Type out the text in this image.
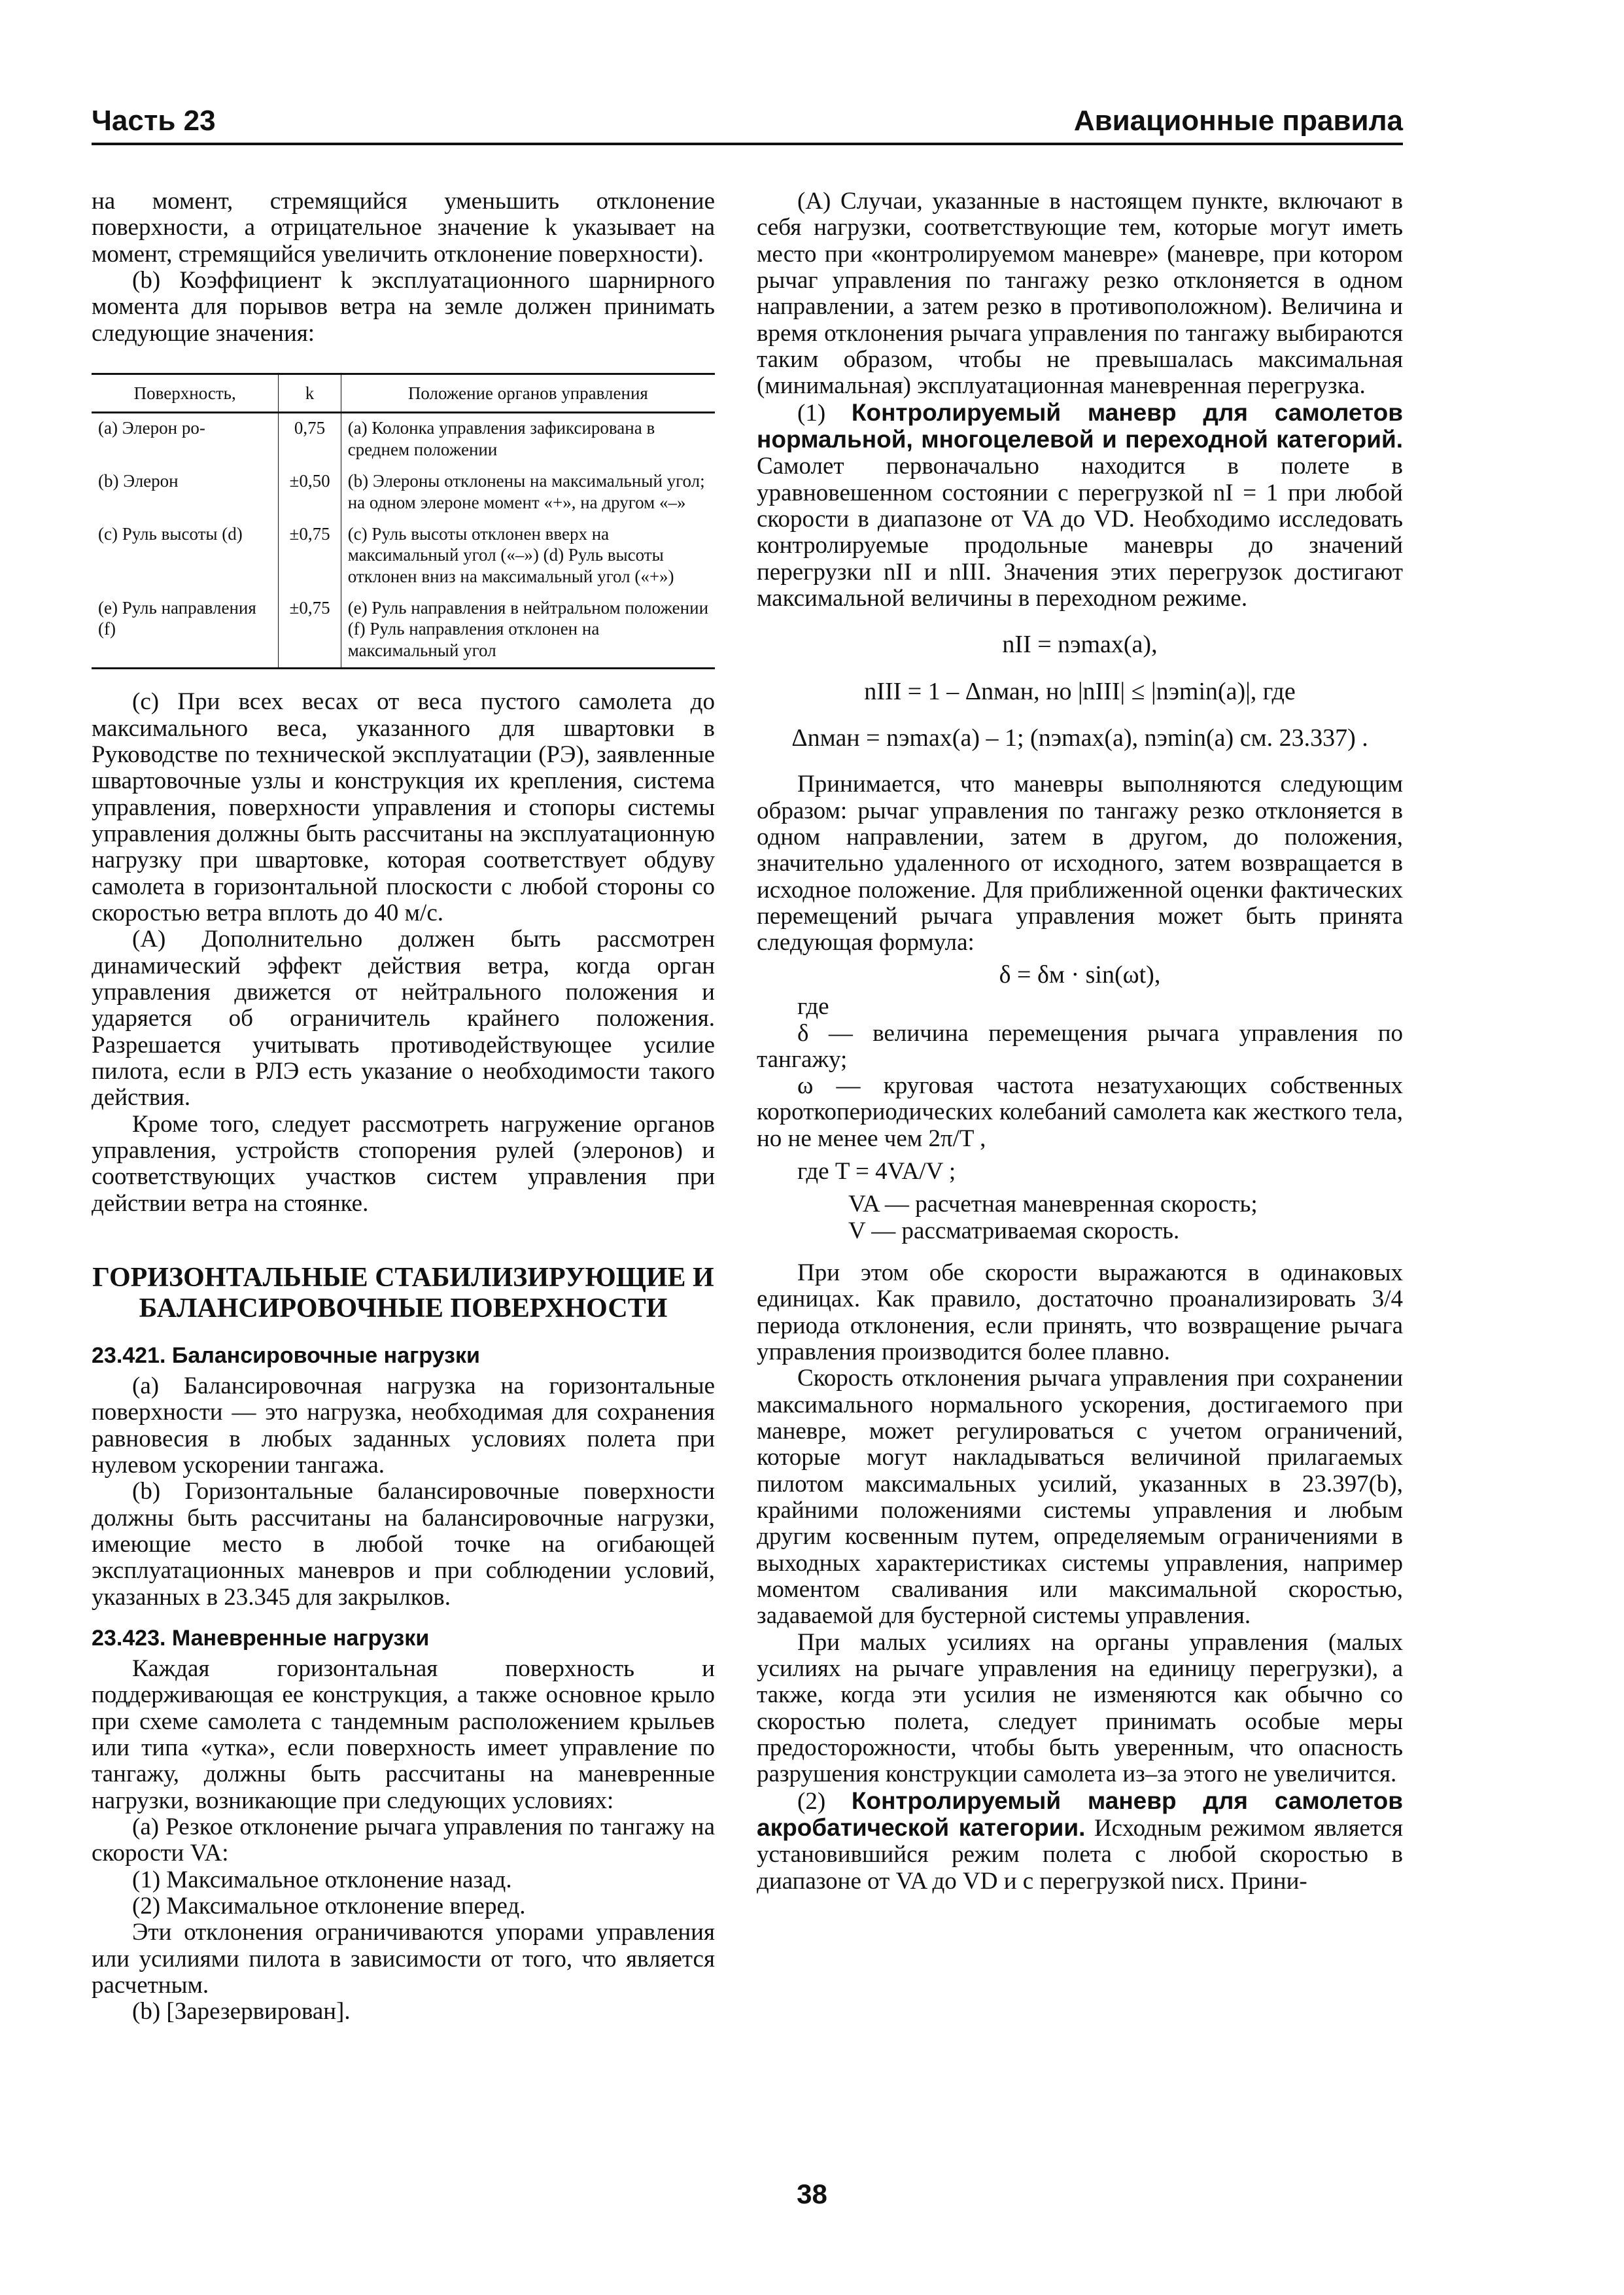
Часть 23	Авиационные правила

на момент, стремящийся уменьшить отклонение поверхности, а отрицательное значение k указывает на момент, стремящийся увеличить отклонение поверхности).

(b) Коэффициент k эксплуатационного шарнирного момента для порывов ветра на земле должен принимать следующие значения:

Поверхность,	k	Положение органов управления
(a) Элерон ро-	0,75	(a) Колонка управления зафиксирована в среднем положении
(b) Элерон	±0,50	(b) Элероны отклонены на максимальный угол; на одном элероне момент «+», на другом «–»
(c) Руль высоты (d)	±0,75	(c) Руль высоты отклонен вверх на максимальный угол («–») (d) Руль высоты отклонен вниз на максимальный угол («+»)
(e) Руль направления (f)	±0,75	(e) Руль направления в нейтральном положении (f) Руль направления отклонен на максимальный угол

(c) При всех весах от веса пустого самолета до максимального веса, указанного для швартовки в Руководстве по технической эксплуатации (РЭ), заявленные швартовочные узлы и конструкция их крепления, система управления, поверхности управления и стопоры системы управления должны быть рассчитаны на эксплуатационную нагрузку при швартовке, которая соответствует обдуву самолета в горизонтальной плоскости с любой стороны со скоростью ветра вплоть до 40 м/с.

(A) Дополнительно должен быть рассмотрен динамический эффект действия ветра, когда орган управления движется от нейтрального положения и ударяется об ограничитель крайнего положения. Разрешается учитывать противодействующее усилие пилота, если в РЛЭ есть указание о необходимости такого действия.

Кроме того, следует рассмотреть нагружение органов управления, устройств стопорения рулей (элеронов) и соответствующих участков систем управления при действии ветра на стоянке.

ГОРИЗОНТАЛЬНЫЕ СТАБИЛИЗИРУЮЩИЕ И БАЛАНСИРОВОЧНЫЕ ПОВЕРХНОСТИ
23.421. Балансировочные нагрузки

(a) Балансировочная нагрузка на горизонтальные поверхности — это нагрузка, необходимая для сохранения равновесия в любых заданных условиях полета при нулевом ускорении тангажа.

(b) Горизонтальные балансировочные поверхности должны быть рассчитаны на балансировочные нагрузки, имеющие место в любой точке на огибающей эксплуатационных маневров и при соблюдении условий, указанных в 23.345 для закрылков.

23.423. Маневренные нагрузки

Каждая горизонтальная поверхность и поддерживающая ее конструкция, а также основное крыло при схеме самолета с тандемным расположением крыльев или типа «утка», если поверхность имеет управление по тангажу, должны быть рассчитаны на маневренные нагрузки, возникающие при следующих условиях:

(a) Резкое отклонение рычага управления по тангажу на скорости VA:

(1) Максимальное отклонение назад.

(2) Максимальное отклонение вперед.

Эти отклонения ограничиваются упорами управления или усилиями пилота в зависимости от того, что является расчетным.

(b) [Зарезервирован].

(A) Случаи, указанные в настоящем пункте, включают в себя нагрузки, соответствующие тем, которые могут иметь место при «контролируемом маневре» (маневре, при котором рычаг управления по тангажу резко отклоняется в одном направлении, а затем резко в противоположном). Величина и время отклонения рычага управления по тангажу выбираются таким образом, чтобы не превышалась максимальная (минимальная) эксплуатационная маневренная перегрузка.

(1) Контролируемый маневр для самолетов нормальной, многоцелевой и переходной категорий. Самолет первоначально находится в полете в уравновешенном состоянии с перегрузкой nI = 1 при любой скорости в диапазоне от VA до VD. Необходимо исследовать контролируемые продольные маневры до значений перегрузки nII и nIII. Значения этих перегрузок достигают максимальной величины в переходном режиме.

nII = nэmax(a),
nIII = 1 – Δnман, но |nIII| ≤ |nэmin(a)|, где
Δnман = nэmax(a) – 1; (nэmax(a), nэmin(a) см. 23.337) .

Принимается, что маневры выполняются следующим образом: рычаг управления по тангажу резко отклоняется в одном направлении, затем в другом, до положения, значительно удаленного от исходного, затем возвращается в исходное положение. Для приближенной оценки фактических перемещений рычага управления может быть принята следующая формула:

δ = δм · sin(ωt),

где

δ — величина перемещения рычага управления по тангажу;

ω — круговая частота незатухающих собственных короткопериодических колебаний самолета как жесткого тела, но не менее чем 2π/T ,

где T = 4VA/V ;

VA — расчетная маневренная скорость;

V — рассматриваемая скорость.

При этом обе скорости выражаются в одинаковых единицах. Как правило, достаточно проанализировать 3/4 периода отклонения, если принять, что возвращение рычага управления производится более плавно.

Скорость отклонения рычага управления при сохранении максимального нормального ускорения, достигаемого при маневре, может регулироваться с учетом ограничений, которые могут накладываться величиной прилагаемых пилотом максимальных усилий, указанных в 23.397(b), крайними положениями системы управления и любым другим косвенным путем, определяемым ограничениями в выходных характеристиках системы управления, например моментом сваливания или максимальной скоростью, задаваемой для бустерной системы управления.

При малых усилиях на органы управления (малых усилиях на рычаге управления на единицу перегрузки), а также, когда эти усилия не изменяются как обычно со скоростью полета, следует принимать особые меры предосторожности, чтобы быть уверенным, что опасность разрушения конструкции самолета из–за этого не увеличится.

(2) Контролируемый маневр для самолетов акробатической категории. Исходным режимом является установившийся режим полета с любой скоростью в диапазоне от VA до VD и с перегрузкой nисх. Прини-

38
